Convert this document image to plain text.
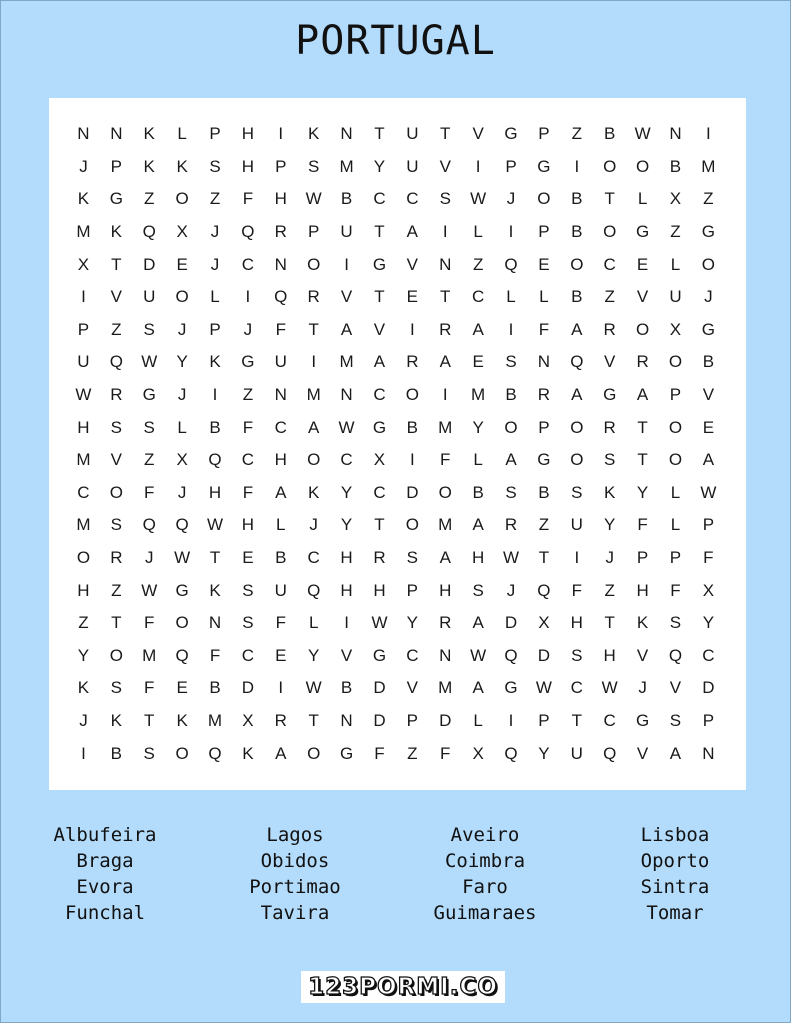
PORTUGAL
N	N	K	L	P	H	I	K	N	T	U	T	V	G	P	Z	B	W	N	I
J	P	K	K	S	H	P	S	M	Y	U	V	I	P	G	I	O	O	B	M
K	G	Z	O	Z	F	H	W	B	C	C	S	W	J	O	B	T	L	X	Z
M	K	Q	X	J	Q	R	P	U	T	A	I	L	I	P	B	O	G	Z	G
X	T	D	E	J	C	N	O	I	G	V	N	Z	Q	E	O	C	E	L	O
I	V	U	O	L	I	Q	R	V	T	E	T	C	L	L	B	Z	V	U	J
P	Z	S	J	P	J	F	T	A	V	I	R	A	I	F	A	R	O	X	G
U	Q	W	Y	K	G	U	I	M	A	R	A	E	S	N	Q	V	R	O	B
W	R	G	J	I	Z	N	M	N	C	O	I	M	B	R	A	G	A	P	V
H	S	S	L	B	F	C	A	W	G	B	M	Y	O	P	O	R	T	O	E
M	V	Z	X	Q	C	H	O	C	X	I	F	L	A	G	O	S	T	O	A
C	O	F	J	H	F	A	K	Y	C	D	O	B	S	B	S	K	Y	L	W
M	S	Q	Q	W	H	L	J	Y	T	O	M	A	R	Z	U	Y	F	L	P
O	R	J	W	T	E	B	C	H	R	S	A	H	W	T	I	J	P	P	F
H	Z	W	G	K	S	U	Q	H	H	P	H	S	J	Q	F	Z	H	F	X
Z	T	F	O	N	S	F	L	I	W	Y	R	A	D	X	H	T	K	S	Y
Y	O	M	Q	F	C	E	Y	V	G	C	N	W	Q	D	S	H	V	Q	C
K	S	F	E	B	D	I	W	B	D	V	M	A	G	W	C	W	J	V	D
J	K	T	K	M	X	R	T	N	D	P	D	L	I	P	T	C	G	S	P
I	B	S	O	Q	K	A	O	G	F	Z	F	X	Q	Y	U	Q	V	A	N
Albufeira	Lagos	Aveiro	Lisboa
Braga	Obidos	Coimbra	Oporto
Evora	Portimao	Faro	Sintra
Funchal	Tavira	Guimaraes	Tomar
123PORMI.CO
